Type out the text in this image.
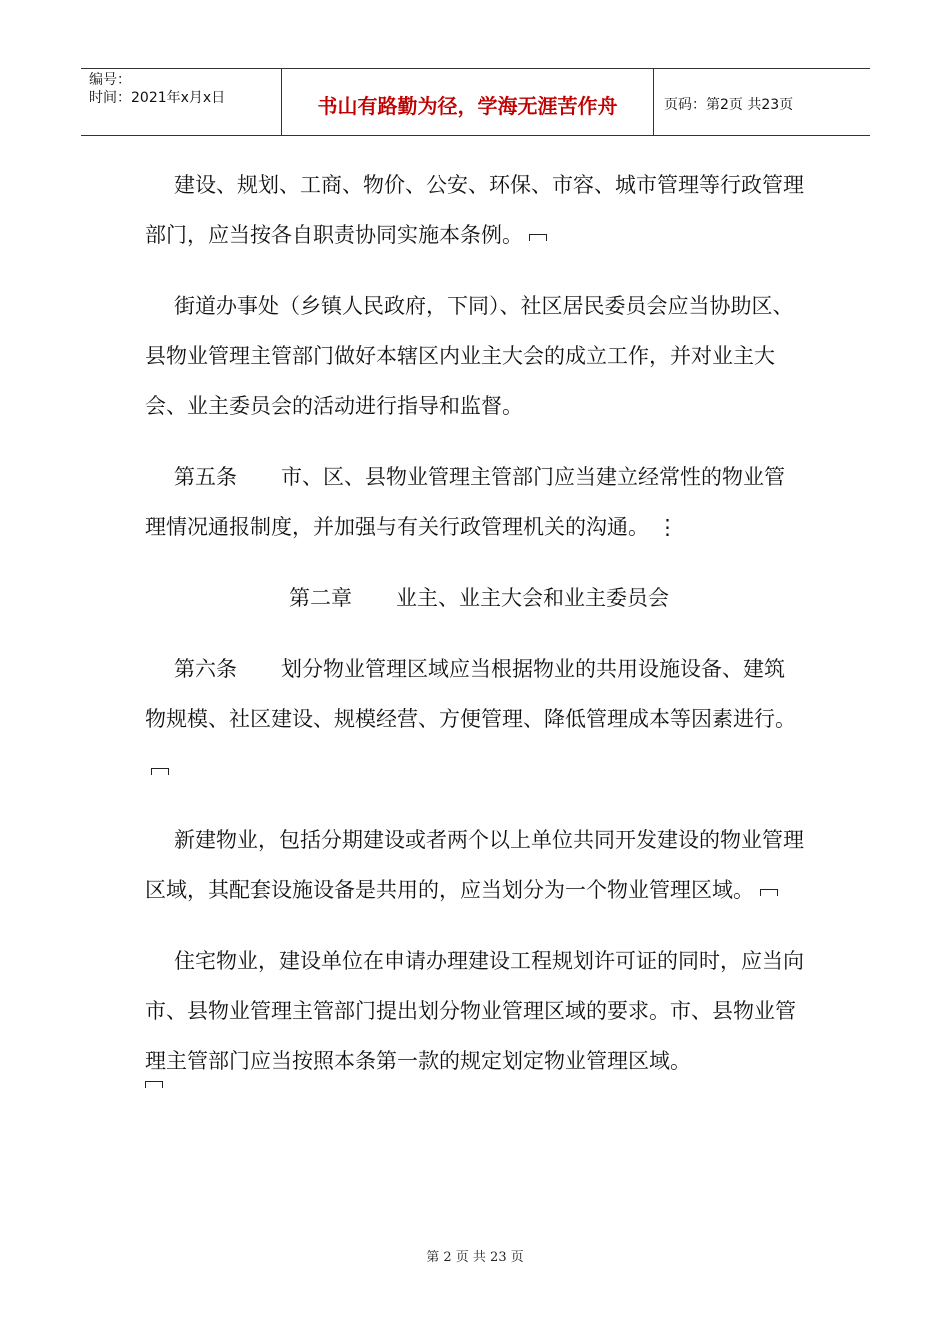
编号：
时间：2021年x月x日	书山有路勤为径，学海无涯苦作舟	页码：第2页 共23页

建设、规划、工商、物价、公安、环保、市容、城市管理等行政管理部门，应当按各自职责协同实施本条例。

街道办事处（乡镇人民政府，下同）、社区居民委员会应当协助区、县物业管理主管部门做好本辖区内业主大会的成立工作，并对业主大会、业主委员会的活动进行指导和监督。

第五条 市、区、县物业管理主管部门应当建立经常性的物业管理情况通报制度，并加强与有关行政管理机关的沟通。 ⋮

第二章 业主、业主大会和业主委员会

第六条 划分物业管理区域应当根据物业的共用设施设备、建筑物规模、社区建设、规模经营、方便管理、降低管理成本等因素进行。

新建物业，包括分期建设或者两个以上单位共同开发建设的物业管理区域，其配套设施设备是共用的，应当划分为一个物业管理区域。

住宅物业，建设单位在申请办理建设工程规划许可证的同时，应当向市、县物业管理主管部门提出划分物业管理区域的要求。市、县物业管理主管部门应当按照本条第一款的规定划定物业管理区域。

第 2 页 共 23 页
